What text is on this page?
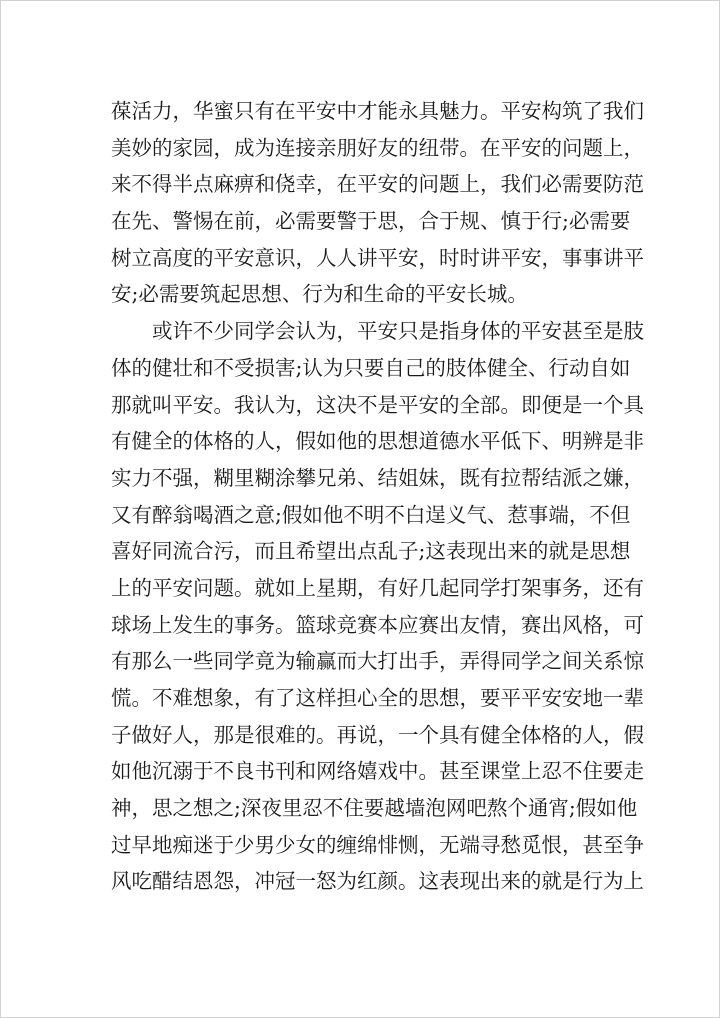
葆活力，华蜜只有在平安中才能永具魅力。平安构筑了我们
美妙的家园，成为连接亲朋好友的纽带。在平安的问题上，
来不得半点麻痹和侥幸，在平安的问题上，我们必需要防范
在先、警惕在前，必需要警于思，合于规、慎于行;必需要
树立高度的平安意识，人人讲平安，时时讲平安，事事讲平
安;必需要筑起思想、行为和生命的平安长城。
或许不少同学会认为，平安只是指身体的平安甚至是肢
体的健壮和不受损害;认为只要自己的肢体健全、行动自如
那就叫平安。我认为，这决不是平安的全部。即便是一个具
有健全的体格的人，假如他的思想道德水平低下、明辨是非
实力不强，糊里糊涂攀兄弟、结姐妹，既有拉帮结派之嫌，
又有醉翁喝酒之意;假如他不明不白逞义气、惹事端，不但
喜好同流合污，而且希望出点乱子;这表现出来的就是思想
上的平安问题。就如上星期，有好几起同学打架事务，还有
球场上发生的事务。篮球竞赛本应赛出友情，赛出风格，可
有那么一些同学竟为输赢而大打出手，弄得同学之间关系惊
慌。不难想象，有了这样担心全的思想，要平平安安地一辈
子做好人，那是很难的。再说，一个具有健全体格的人，假
如他沉溺于不良书刊和网络嬉戏中。甚至课堂上忍不住要走
神，思之想之;深夜里忍不住要越墙泡网吧熬个通宵;假如他
过早地痴迷于少男少女的缠绵悱恻，无端寻愁觅恨，甚至争
风吃醋结恩怨，冲冠一怒为红颜。这表现出来的就是行为上
